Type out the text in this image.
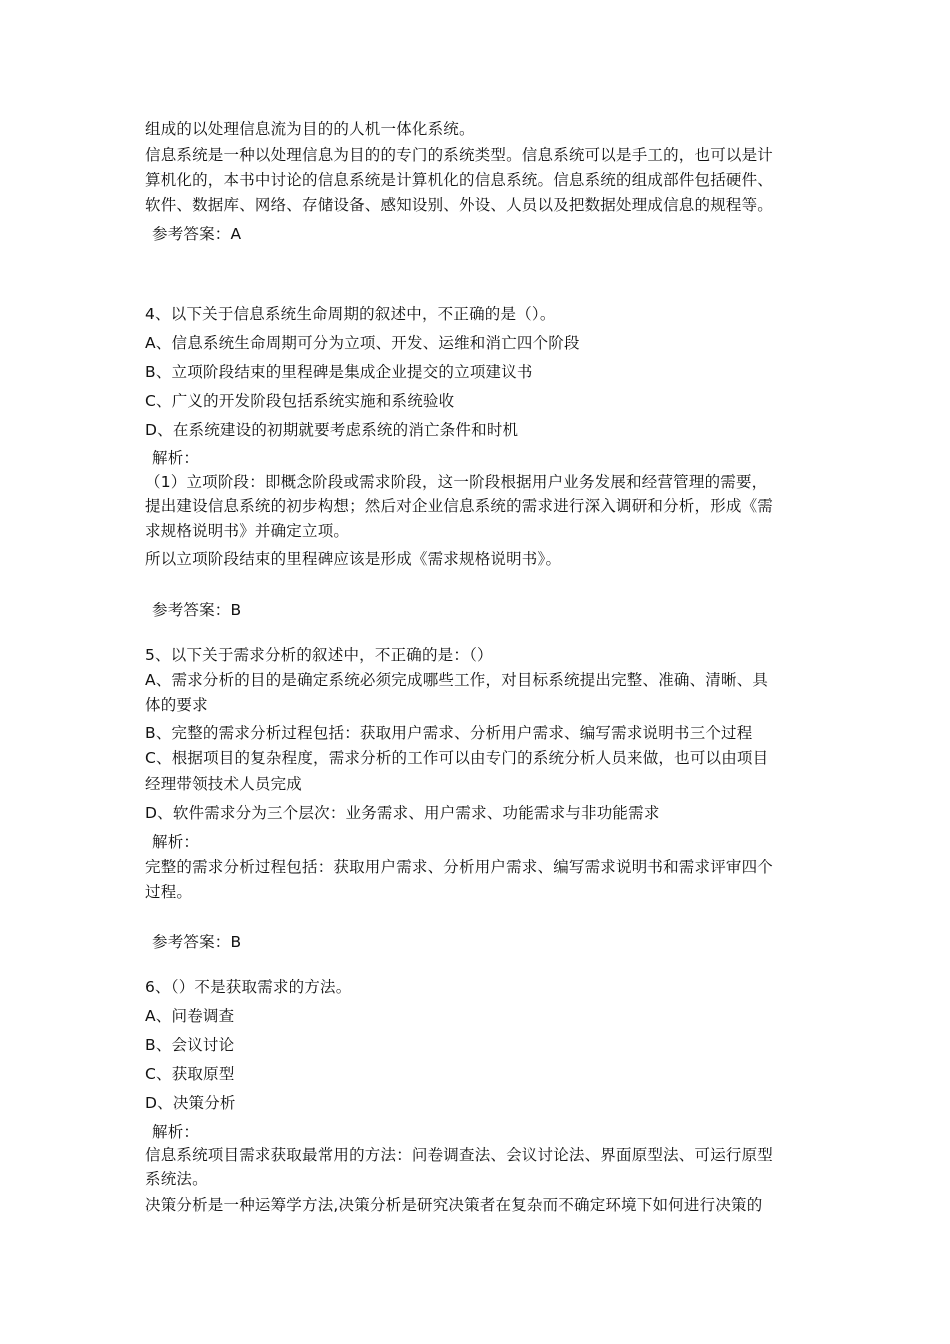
组成的以处理信息流为目的的人机一体化系统。
信息系统是一种以处理信息为目的的专门的系统类型。信息系统可以是手工的，也可以是计
算机化的，本书中讨论的信息系统是计算机化的信息系统。信息系统的组成部件包括硬件、
软件、数据库、网络、存储设备、感知设别、外设、人员以及把数据处理成信息的规程等。
参考答案：A
4、以下关于信息系统生命周期的叙述中，不正确的是（）。
A、信息系统生命周期可分为立项、开发、运维和消亡四个阶段
B、立项阶段结束的里程碑是集成企业提交的立项建议书
C、广义的开发阶段包括系统实施和系统验收
D、在系统建设的初期就要考虑系统的消亡条件和时机
解析：
（1）立项阶段：即概念阶段或需求阶段，这一阶段根据用户业务发展和经营管理的需要，
提出建设信息系统的初步构想；然后对企业信息系统的需求进行深入调研和分析，形成《需
求规格说明书》并确定立项。
所以立项阶段结束的里程碑应该是形成《需求规格说明书》。
参考答案：B
5、以下关于需求分析的叙述中，不正确的是：（）
A、需求分析的目的是确定系统必须完成哪些工作，对目标系统提出完整、准确、清晰、具
体的要求
B、完整的需求分析过程包括：获取用户需求、分析用户需求、编写需求说明书三个过程
C、根据项目的复杂程度，需求分析的工作可以由专门的系统分析人员来做，也可以由项目
经理带领技术人员完成
D、软件需求分为三个层次：业务需求、用户需求、功能需求与非功能需求
解析：
完整的需求分析过程包括：获取用户需求、分析用户需求、编写需求说明书和需求评审四个
过程。
参考答案：B
6、（）不是获取需求的方法。
A、问卷调查
B、会议讨论
C、获取原型
D、决策分析
解析：
信息系统项目需求获取最常用的方法：问卷调查法、会议讨论法、界面原型法、可运行原型
系统法。
决策分析是一种运筹学方法,决策分析是研究决策者在复杂而不确定环境下如何进行决策的
